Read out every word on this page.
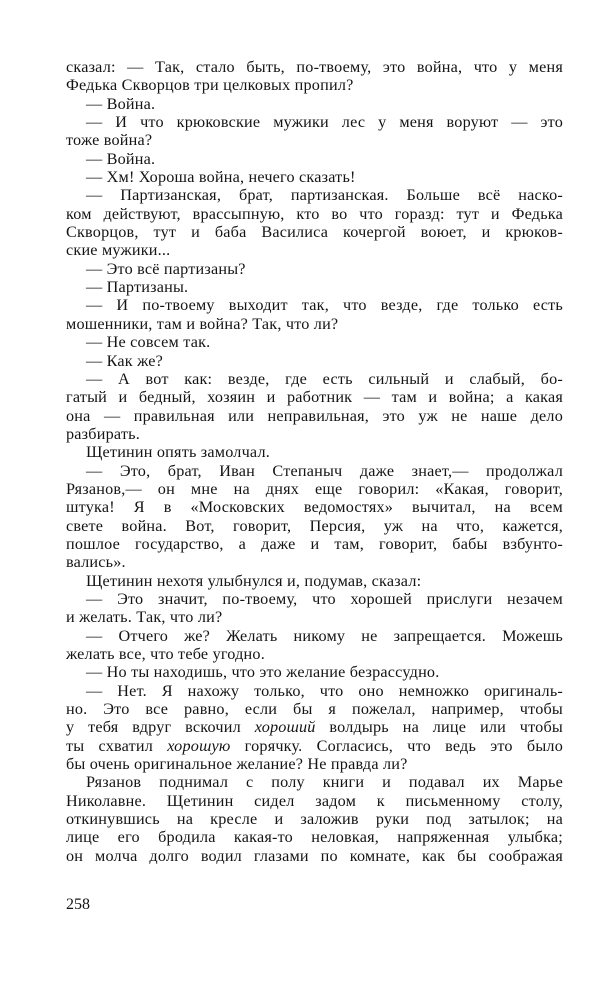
сказал: — Так, стало быть, по-твоему, это война, что у меня
Федька Скворцов три целковых пропил?
— Война.
— И что крюковские мужики лес у меня воруют — это
тоже война?
— Война.
— Хм! Хороша война, нечего сказать!
— Партизанская, брат, партизанская. Больше всё наско-
ком действуют, врассыпную, кто во что горазд: тут и Федька
Скворцов, тут и баба Василиса кочергой воюет, и крюков-
ские мужики...
— Это всё партизаны?
— Партизаны.
— И по-твоему выходит так, что везде, где только есть
мошенники, там и война? Так, что ли?
— Не совсем так.
— Как же?
— А вот как: везде, где есть сильный и слабый, бо-
гатый и бедный, хозяин и работник — там и война; а какая
она — правильная или неправильная, это уж не наше дело
разбирать.
Щетинин опять замолчал.
— Это, брат, Иван Степаныч даже знает,— продолжал
Рязанов,— он мне на днях еще говорил: «Какая, говорит,
штука! Я в «Московских ведомостях» вычитал, на всем
свете война. Вот, говорит, Персия, уж на что, кажется,
пошлое государство, а даже и там, говорит, бабы взбунто-
вались».
Щетинин нехотя улыбнулся и, подумав, сказал:
— Это значит, по-твоему, что хорошей прислуги незачем
и желать. Так, что ли?
— Отчего же? Желать никому не запрещается. Можешь
желать все, что тебе угодно.
— Но ты находишь, что это желание безрассудно.
— Нет. Я нахожу только, что оно немножко оригиналь-
но. Это все равно, если бы я пожелал, например, чтобы
у тебя вдруг вскочил хороший волдырь на лице или чтобы
ты схватил хорошую горячку. Согласись, что ведь это было
бы очень оригинальное желание? Не правда ли?
Рязанов поднимал с полу книги и подавал их Марье
Николавне. Щетинин сидел задом к письменному столу,
откинувшись на кресле и заложив руки под затылок; на
лице его бродила какая-то неловкая, напряженная улыбка;
он молча долго водил глазами по комнате, как бы соображая
258
